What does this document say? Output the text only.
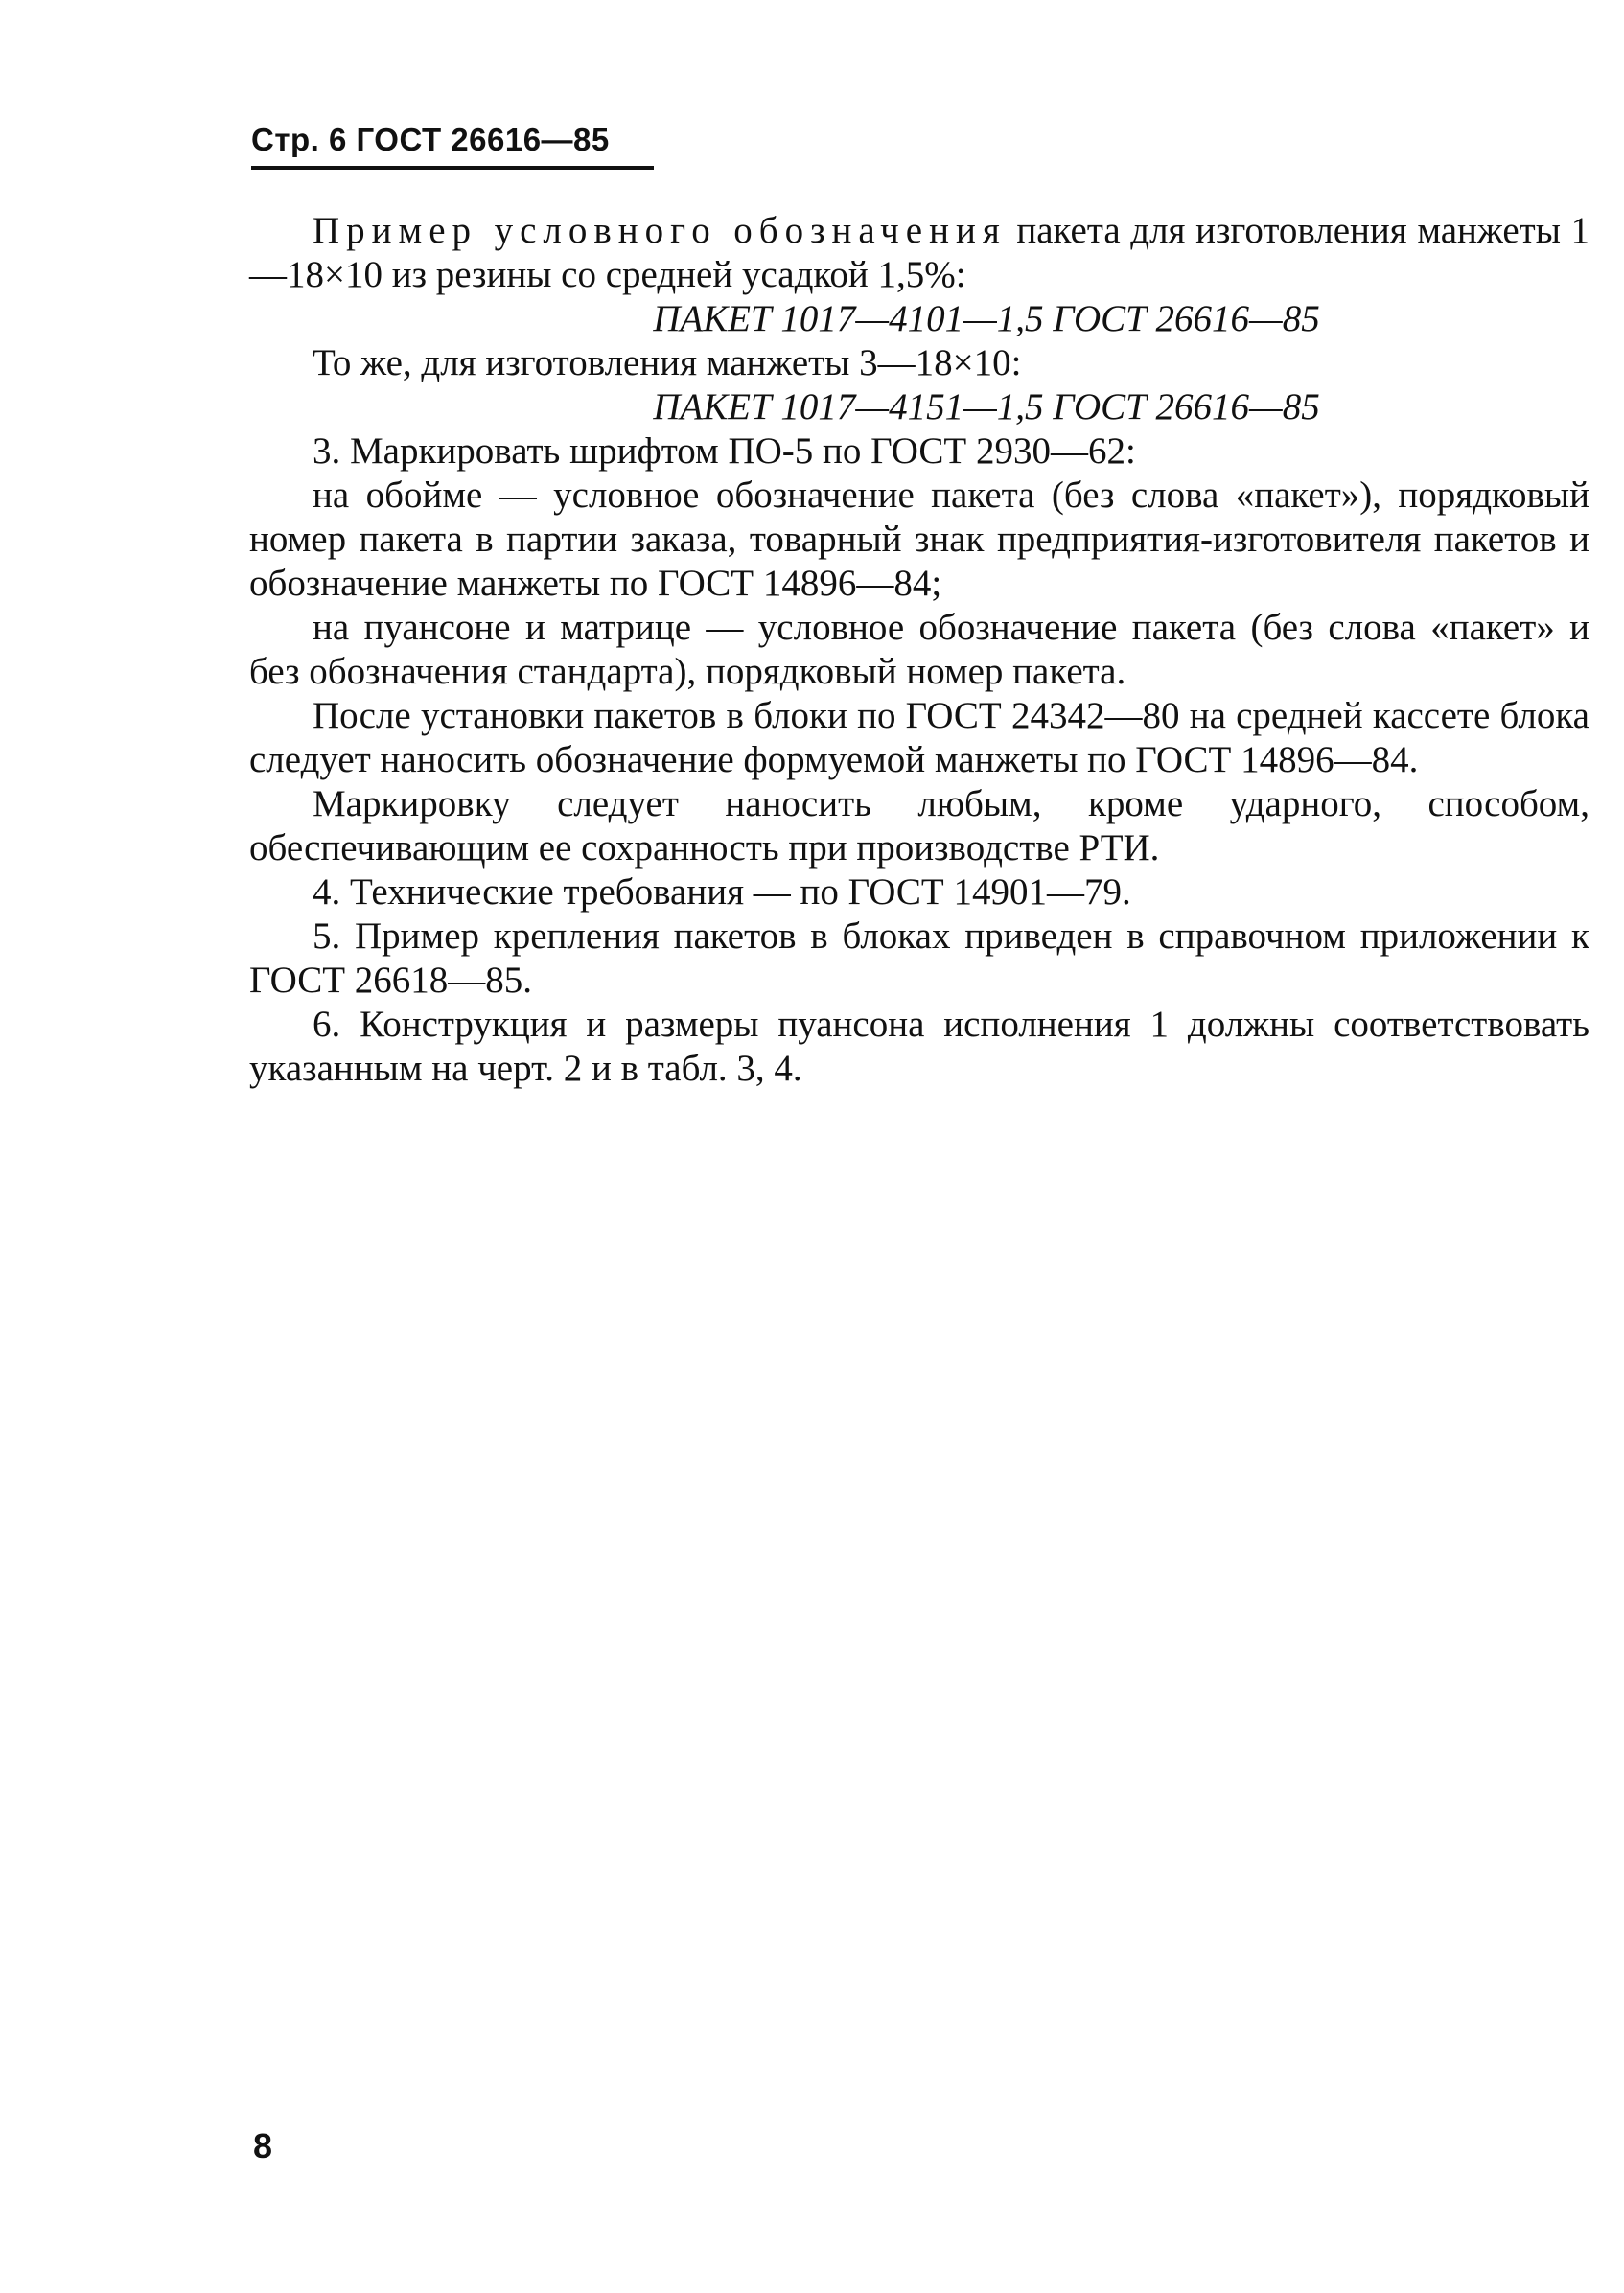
Стр. 6 ГОСТ 26616—85

Пример условного обозначения пакета для изготовления манжеты 1—18×10 из резины со средней усадкой 1,5%:

ПАКЕТ 1017—4101—1,5 ГОСТ 26616—85

То же, для изготовления манжеты 3—18×10:

ПАКЕТ 1017—4151—1,5 ГОСТ 26616—85

3. Маркировать шрифтом ПО-5 по ГОСТ 2930—62:

на обойме — условное обозначение пакета (без слова «пакет»), порядковый номер пакета в партии заказа, товарный знак предприятия-изготовителя пакетов и обозначение манжеты по ГОСТ 14896—84;

на пуансоне и матрице — условное обозначение пакета (без слова «пакет» и без обозначения стандарта), порядковый номер пакета.

После установки пакетов в блоки по ГОСТ 24342—80 на средней кассете блока следует наносить обозначение формуемой манжеты по ГОСТ 14896—84.

Маркировку следует наносить любым, кроме ударного, способом, обеспечивающим ее сохранность при производстве РТИ.

4. Технические требования — по ГОСТ 14901—79.

5. Пример крепления пакетов в блоках приведен в справочном приложении к ГОСТ 26618—85.

6. Конструкция и размеры пуансона исполнения 1 должны соответствовать указанным на черт. 2 и в табл. 3, 4.

8
